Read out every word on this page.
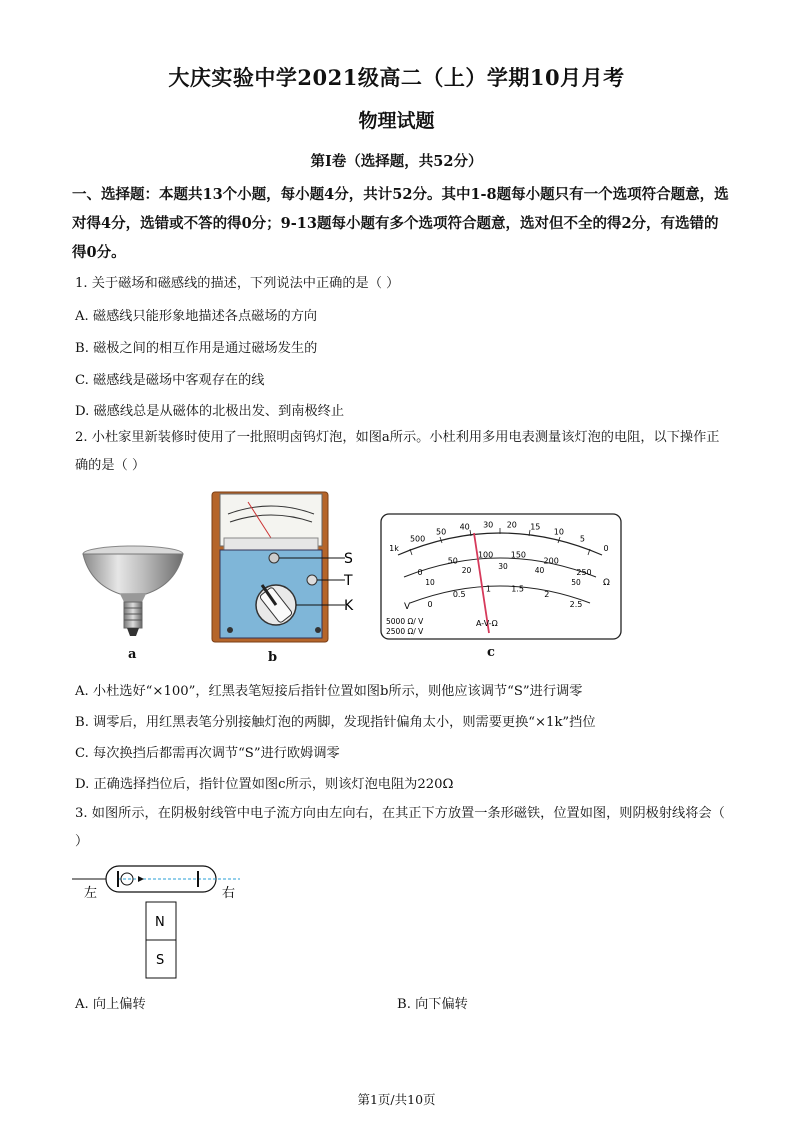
大庆实验中学2021级高二（上）学期10月月考
物理试题
第I卷（选择题，共52分）
一、选择题：本题共13个小题，每小题4分，共计52分。其中1-8题每小题只有一个选项符合题意，选对得4分，选错或不答的得0分；9-13题每小题有多个选项符合题意，选对但不全的得2分，有选错的得0分。
1. 关于磁场和磁感线的描述，下列说法中正确的是（ ）
A. 磁感线只能形象地描述各点磁场的方向
B. 磁极之间的相互作用是通过磁场发生的
C. 磁感线是磁场中客观存在的线
D. 磁感线总是从磁体的北极出发、到南极终止
2. 小杜家里新装修时使用了一批照明卤钨灯泡，如图a所示。小杜利用多用电表测量该灯泡的电阻，以下操作正确的是（ ）
a
S
T
K
b
1k
500
50
40 30 20 15
10
5
0
0
50
100 150
200
250
10
20	30	40
50
0
0.5
1	1.5
2
2.5
Ω
V
A-V-Ω
5000 Ω/ V
2500 Ω/ V
c
A. 小杜选好“×100”，红黑表笔短接后指针位置如图b所示，则他应该调节“S”进行调零
B. 调零后，用红黑表笔分别接触灯泡的两脚，发现指针偏角太小，则需要更换“×1k”挡位
C. 每次换挡后都需再次调节“S”进行欧姆调零
D. 正确选择挡位后，指针位置如图c所示，则该灯泡电阻为220Ω
3. 如图所示，在阴极射线管中电子流方向由左向右，在其正下方放置一条形磁铁，位置如图，则阴极射线将会（ ）
左	右
N
S
A. 向上偏转	B. 向下偏转
第1页/共10页
